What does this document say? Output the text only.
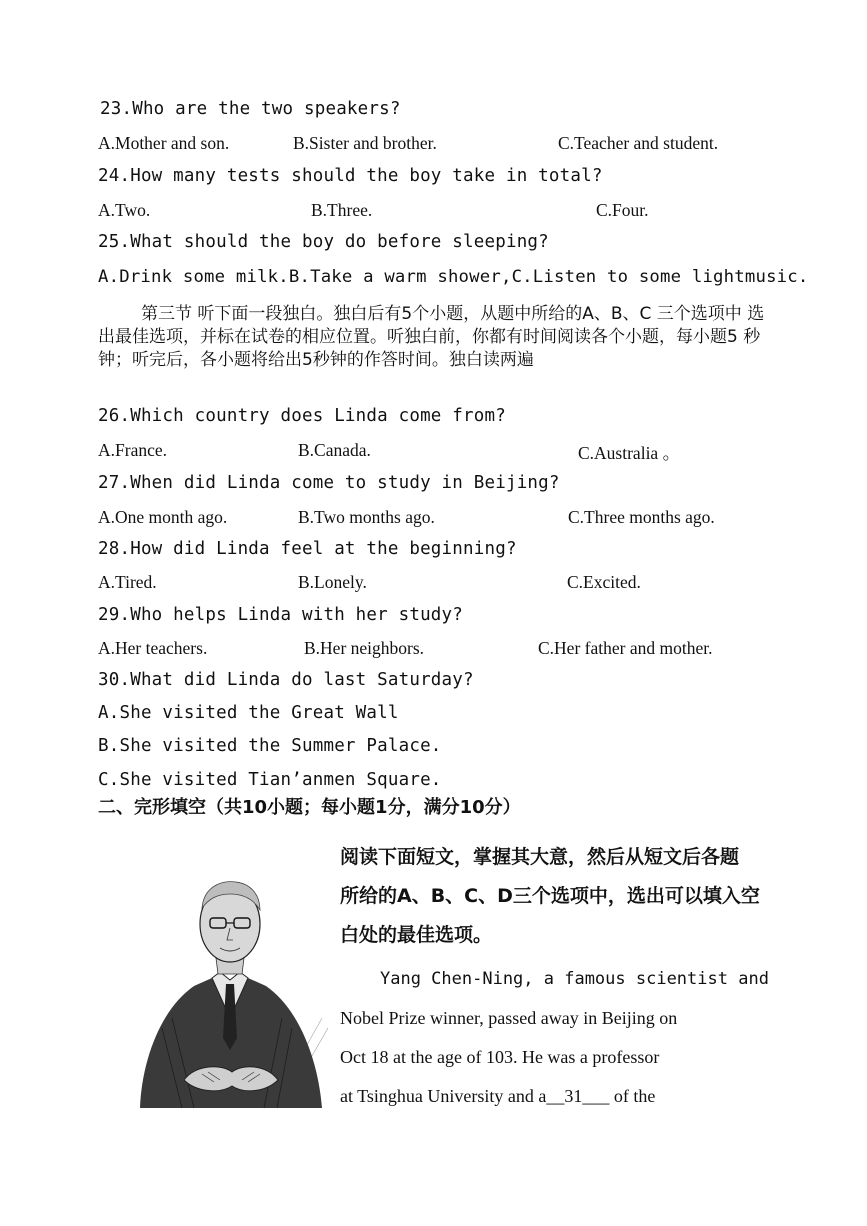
23.Who are the two speakers?
A.Mother and son.	B.Sister and brother.	C.Teacher and student.
24.How many tests should the boy take in total?
A.Two.	B.Three.	C.Four.
25.What should the boy do before sleeping?
A.Drink some milk.B.Take a warm shower,C.Listen to some lightmusic.
第三节 听下面一段独白。独白后有5个小题，从题中所给的A、B、C 三个选项中 选出最佳选项，并标在试卷的相应位置。听独白前，你都有时间阅读各个小题，每小题5 秒钟；听完后，各小题将给出5秒钟的作答时间。独白读两遍
26.Which country does Linda come from?
A.France.	B.Canada.	C.Australia 。
27.When did Linda come to study in Beijing?
A.One month ago.	B.Two months ago.	C.Three months ago.
28.How did Linda feel at the beginning?
A.Tired.	B.Lonely.	C.Excited.
29.Who helps Linda with her study?
A.Her teachers.	B.Her neighbors.	C.Her father and mother.
30.What did Linda do last Saturday?
A.She visited the Great Wall
B.She visited the Summer Palace.
C.She visited Tian’anmen Square.
二、完形填空（共10小题；每小题1分，满分10分）
阅读下面短文，掌握其大意，然后从短文后各题
所给的A、B、C、D三个选项中，选出可以填入空
白处的最佳选项。
Yang Chen-Ning, a famous scientist and
Nobel Prize winner, passed away in Beijing on
Oct 18 at the age of 103. He was a professor
at Tsinghua University and a__31___ of the
